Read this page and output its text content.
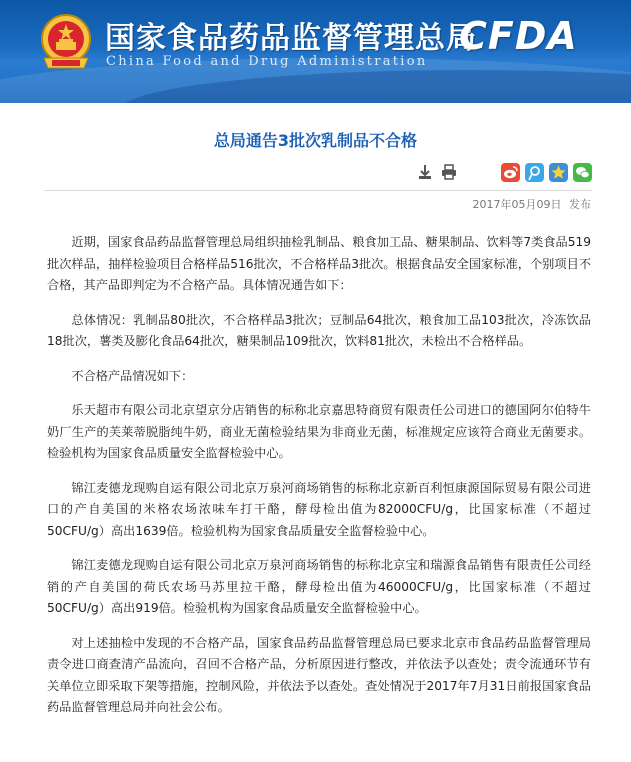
国家食品药品监督管理总局
China Food and Drug Administration
CFDA
总局通告3批次乳制品不合格
2017年05月09日 发布

近期，国家食品药品监督管理总局组织抽检乳制品、粮食加工品、糖果制品、饮料等7类食品519批次样品，抽样检验项目合格样品516批次，不合格样品3批次。根据食品安全国家标准，个别项目不合格，其产品即判定为不合格产品。具体情况通告如下：

总体情况：乳制品80批次，不合格样品3批次；豆制品64批次，粮食加工品103批次，冷冻饮品18批次，薯类及膨化食品64批次，糖果制品109批次，饮料81批次，未检出不合格样品。

不合格产品情况如下：

乐天超市有限公司北京望京分店销售的标称北京嘉思特商贸有限责任公司进口的德国阿尔伯特牛奶厂生产的芙莱蒂脱脂纯牛奶，商业无菌检验结果为非商业无菌，标准规定应该符合商业无菌要求。检验机构为国家食品质量安全监督检验中心。

锦江麦德龙现购自运有限公司北京万泉河商场销售的标称北京新百利恒康源国际贸易有限公司进口的产自美国的米格农场浓味车打干酪，酵母检出值为82000CFU/g，比国家标准（不超过50CFU/g）高出1639倍。检验机构为国家食品质量安全监督检验中心。

锦江麦德龙现购自运有限公司北京万泉河商场销售的标称北京宝和瑞源食品销售有限责任公司经销的产自美国的荷氏农场马苏里拉干酪，酵母检出值为46000CFU/g，比国家标准（不超过50CFU/g）高出919倍。检验机构为国家食品质量安全监督检验中心。

对上述抽检中发现的不合格产品，国家食品药品监督管理总局已要求北京市食品药品监督管理局责令进口商查清产品流向，召回不合格产品，分析原因进行整改，并依法予以查处；责令流通环节有关单位立即采取下架等措施，控制风险，并依法予以查处。查处情况于2017年7月31日前报国家食品药品监督管理总局并向社会公布。
